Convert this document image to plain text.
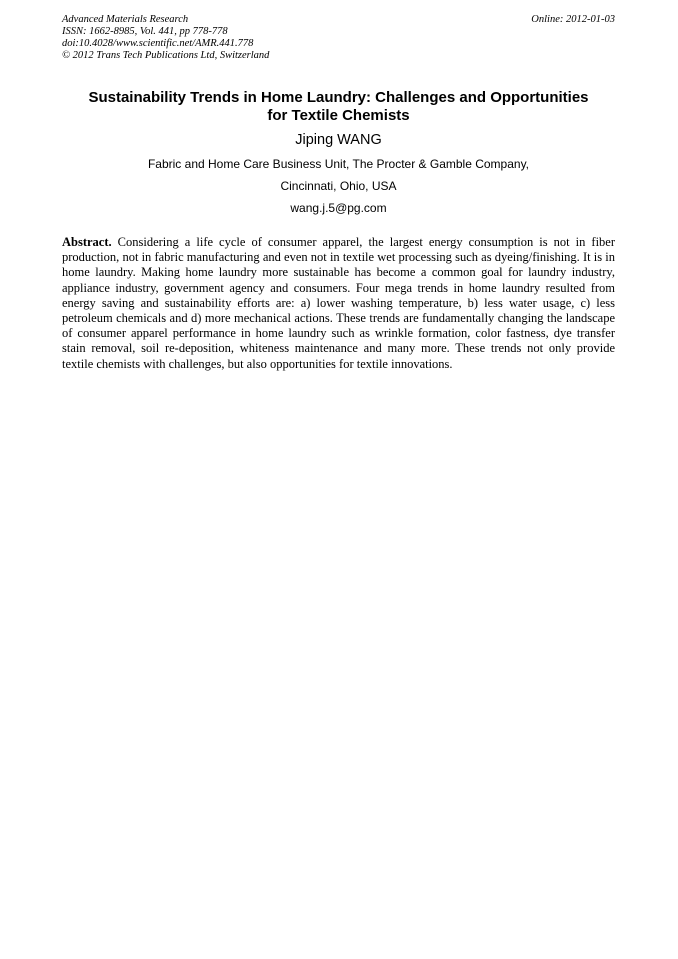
Advanced Materials Research
ISSN: 1662-8985, Vol. 441, pp 778-778
doi:10.4028/www.scientific.net/AMR.441.778
© 2012 Trans Tech Publications Ltd, Switzerland
Online: 2012-01-03
Sustainability Trends in Home Laundry: Challenges and Opportunities
for Textile Chemists
Jiping WANG
Fabric and Home Care Business Unit, The Procter & Gamble Company,
Cincinnati, Ohio, USA
wang.j.5@pg.com
Abstract. Considering a life cycle of consumer apparel, the largest energy consumption is not in fiber production, not in fabric manufacturing and even not in textile wet processing such as dyeing/finishing. It is in home laundry. Making home laundry more sustainable has become a common goal for laundry industry, appliance industry, government agency and consumers. Four mega trends in home laundry resulted from energy saving and sustainability efforts are: a) lower washing temperature, b) less water usage, c) less petroleum chemicals and d) more mechanical actions. These trends are fundamentally changing the landscape of consumer apparel performance in home laundry such as wrinkle formation, color fastness, dye transfer stain removal, soil re-deposition, whiteness maintenance and many more. These trends not only provide textile chemists with challenges, but also opportunities for textile innovations.
